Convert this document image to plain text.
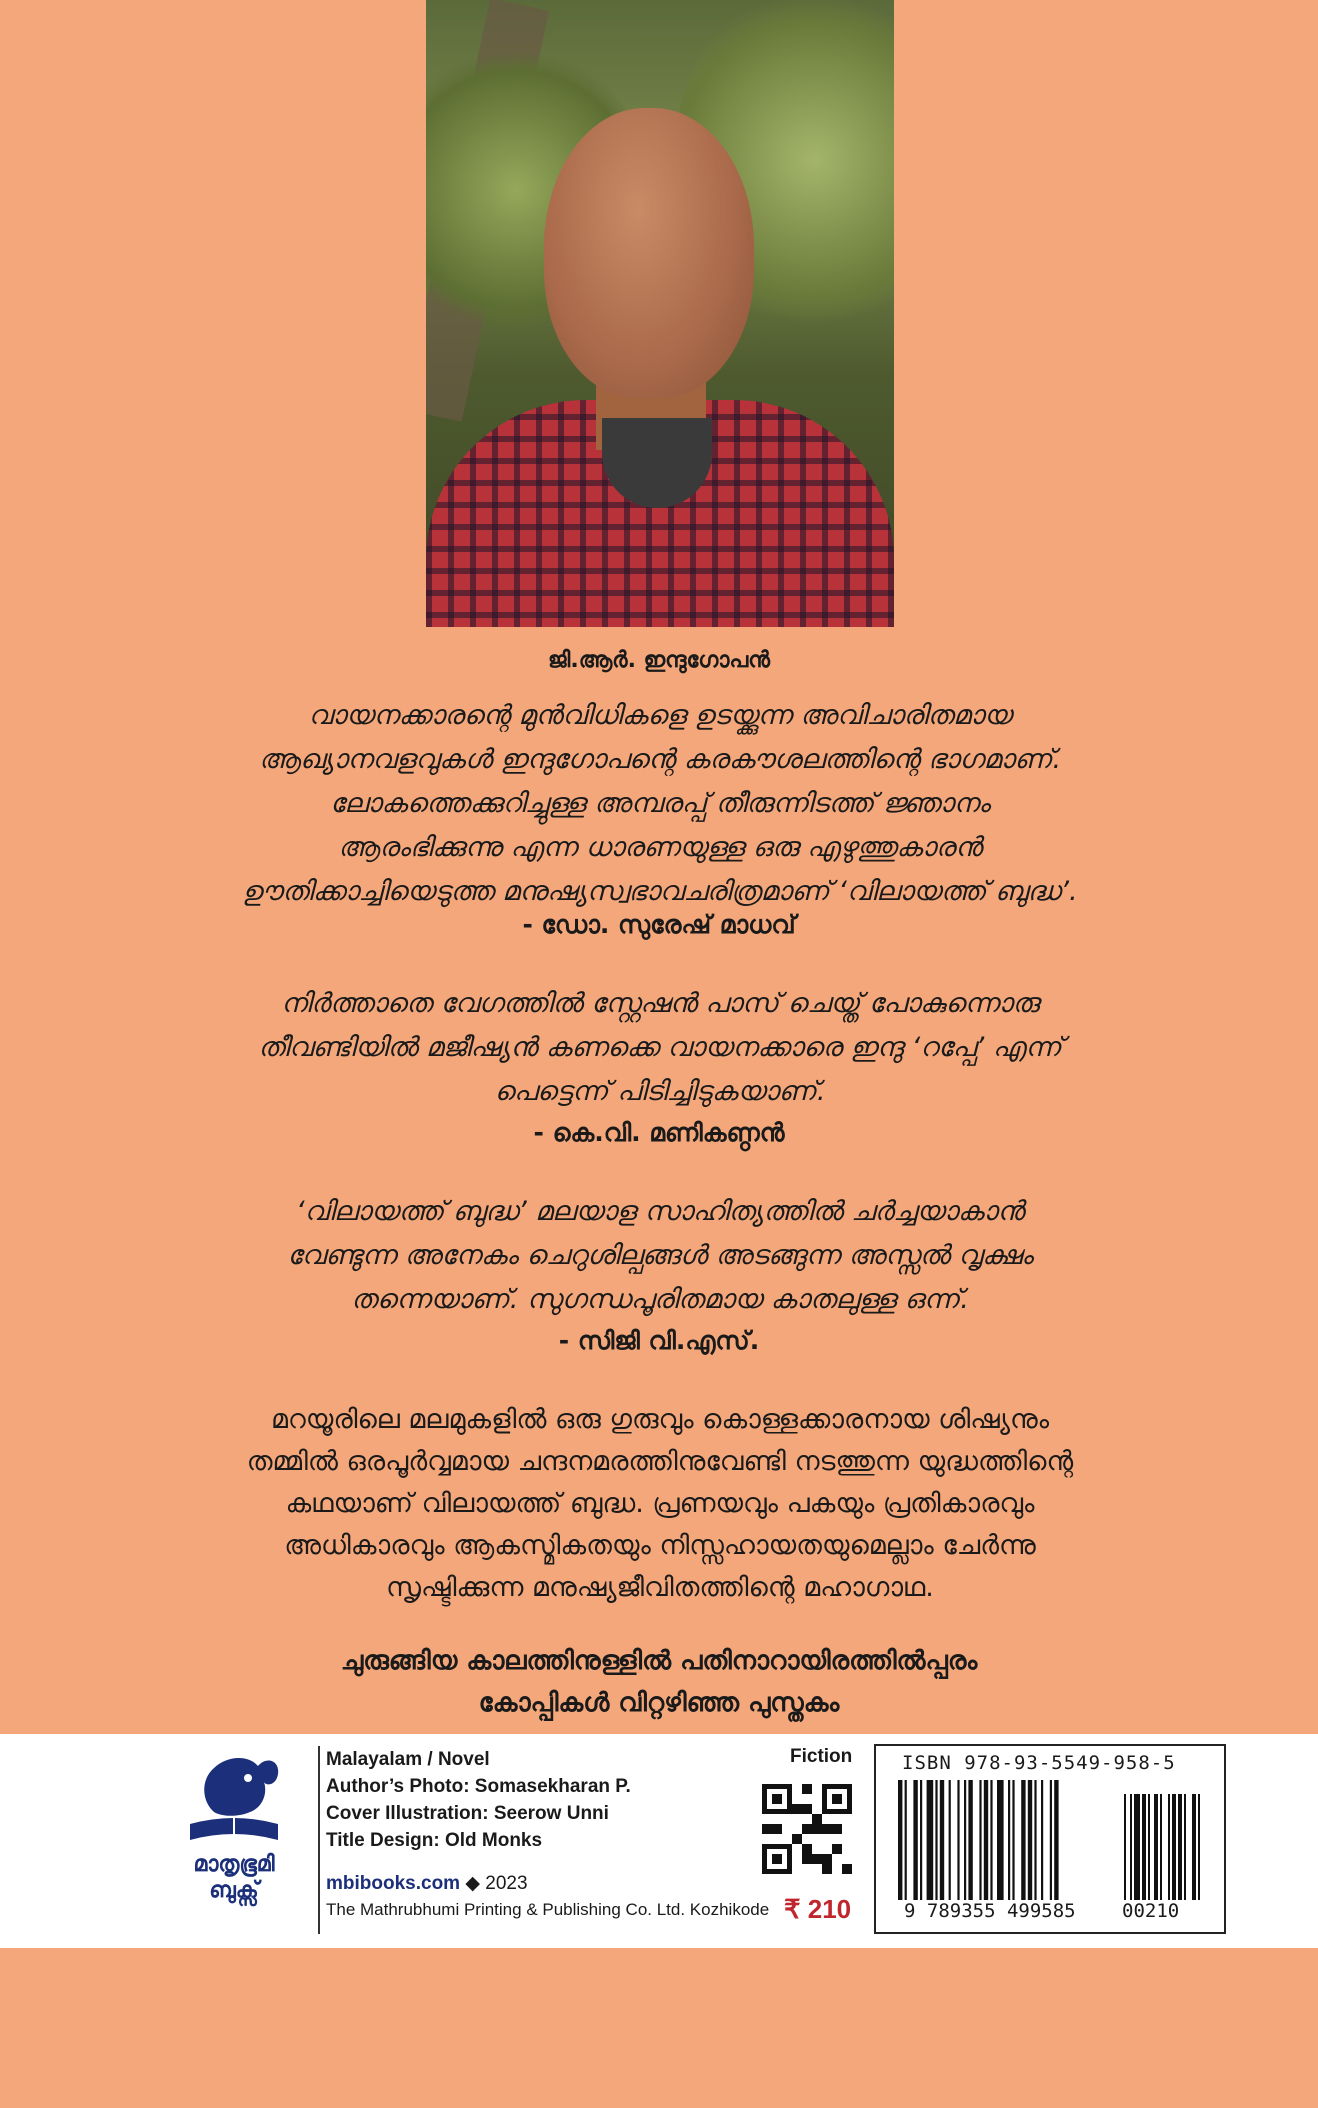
ജി.ആർ. ഇന്ദുഗോപൻ

വായനക്കാരന്റെ മുൻവിധികളെ ഉടയ്ക്കുന്ന അവിചാരിതമായ

ആഖ്യാനവളവുകൾ ഇന്ദുഗോപന്റെ കരകൗശലത്തിന്റെ ഭാഗമാണ്.

ലോകത്തെക്കുറിച്ചുള്ള അമ്പരപ്പ് തീരുന്നിടത്ത് ജ്ഞാനം

ആരംഭിക്കുന്നു എന്ന ധാരണയുള്ള ഒരു എഴുത്തുകാരൻ

ഊതിക്കാച്ചിയെടുത്ത മനുഷ്യസ്വഭാവചരിത്രമാണ് ‘വിലായത്ത് ബുദ്ധ’.

- ഡോ. സുരേഷ് മാധവ്

നിർത്താതെ വേഗത്തിൽ സ്റ്റേഷൻ പാസ് ചെയ്ത് പോകുന്നൊരു

തീവണ്ടിയിൽ മജീഷ്യൻ കണക്കെ വായനക്കാരെ ഇന്ദു ‘റപ്പേ’ എന്ന്

പെട്ടെന്ന് പിടിച്ചിടുകയാണ്.

- കെ.വി. മണികണ്ഠൻ

‘വിലായത്ത് ബുദ്ധ’ മലയാള സാഹിത്യത്തിൽ ചർച്ചയാകാൻ

വേണ്ടുന്ന അനേകം ചെറുശില്പങ്ങൾ അടങ്ങുന്ന അസ്സൽ വൃക്ഷം

തന്നെയാണ്. സുഗന്ധപൂരിതമായ കാതലുള്ള ഒന്ന്.

- സിജി വി.എസ്.

മറയൂരിലെ മലമുകളിൽ ഒരു ഗുരുവും കൊള്ളക്കാരനായ ശിഷ്യനും

തമ്മിൽ ഒരപൂർവ്വമായ ചന്ദനമരത്തിനുവേണ്ടി നടത്തുന്ന യുദ്ധത്തിന്റെ

കഥയാണ് വിലായത്ത് ബുദ്ധ. പ്രണയവും പകയും പ്രതികാരവും

അധികാരവും ആകസ്മികതയും നിസ്സഹായതയുമെല്ലാം ചേർന്നു

സൃഷ്ടിക്കുന്ന മനുഷ്യജീവിതത്തിന്റെ മഹാഗാഥ.

ചുരുങ്ങിയ കാലത്തിനുള്ളിൽ പതിനാറായിരത്തിൽപ്പരം

കോപ്പികൾ വിറ്റഴിഞ്ഞ പുസ്തകം

മാതൃഭൂമി
ബുക്സ്
Malayalam / Novel
Author’s Photo: Somasekharan P.
Cover Illustration: Seerow Unni
Title Design: Old Monks
mbibooks.com ◆ 2023
The Mathrubhumi Printing & Publishing Co. Ltd. Kozhikode
Fiction
₹ 210
ISBN 978-93-5549-958-5
9 789355 499585 00210
